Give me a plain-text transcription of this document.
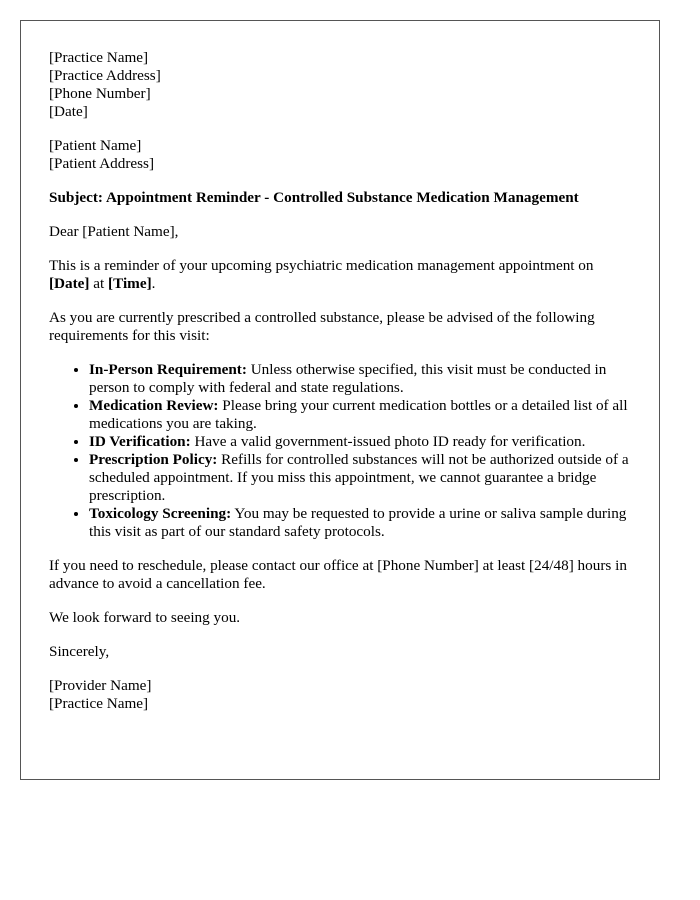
[Practice Name]
[Practice Address]
[Phone Number]
[Date]
[Patient Name]
[Patient Address]

Subject: Appointment Reminder - Controlled Substance Medication Management

Dear [Patient Name],

This is a reminder of your upcoming psychiatric medication management appointment on [Date] at [Time].

As you are currently prescribed a controlled substance, please be advised of the following requirements for this visit:

• In-Person Requirement: Unless otherwise specified, this visit must be conducted in person to comply with federal and state regulations.
• Medication Review: Please bring your current medication bottles or a detailed list of all medications you are taking.
• ID Verification: Have a valid government-issued photo ID ready for verification.
• Prescription Policy: Refills for controlled substances will not be authorized outside of a scheduled appointment. If you miss this appointment, we cannot guarantee a bridge prescription.
• Toxicology Screening: You may be requested to provide a urine or saliva sample during this visit as part of our standard safety protocols.

If you need to reschedule, please contact our office at [Phone Number] at least [24/48] hours in advance to avoid a cancellation fee.

We look forward to seeing you.

Sincerely,

[Provider Name]
[Practice Name]
